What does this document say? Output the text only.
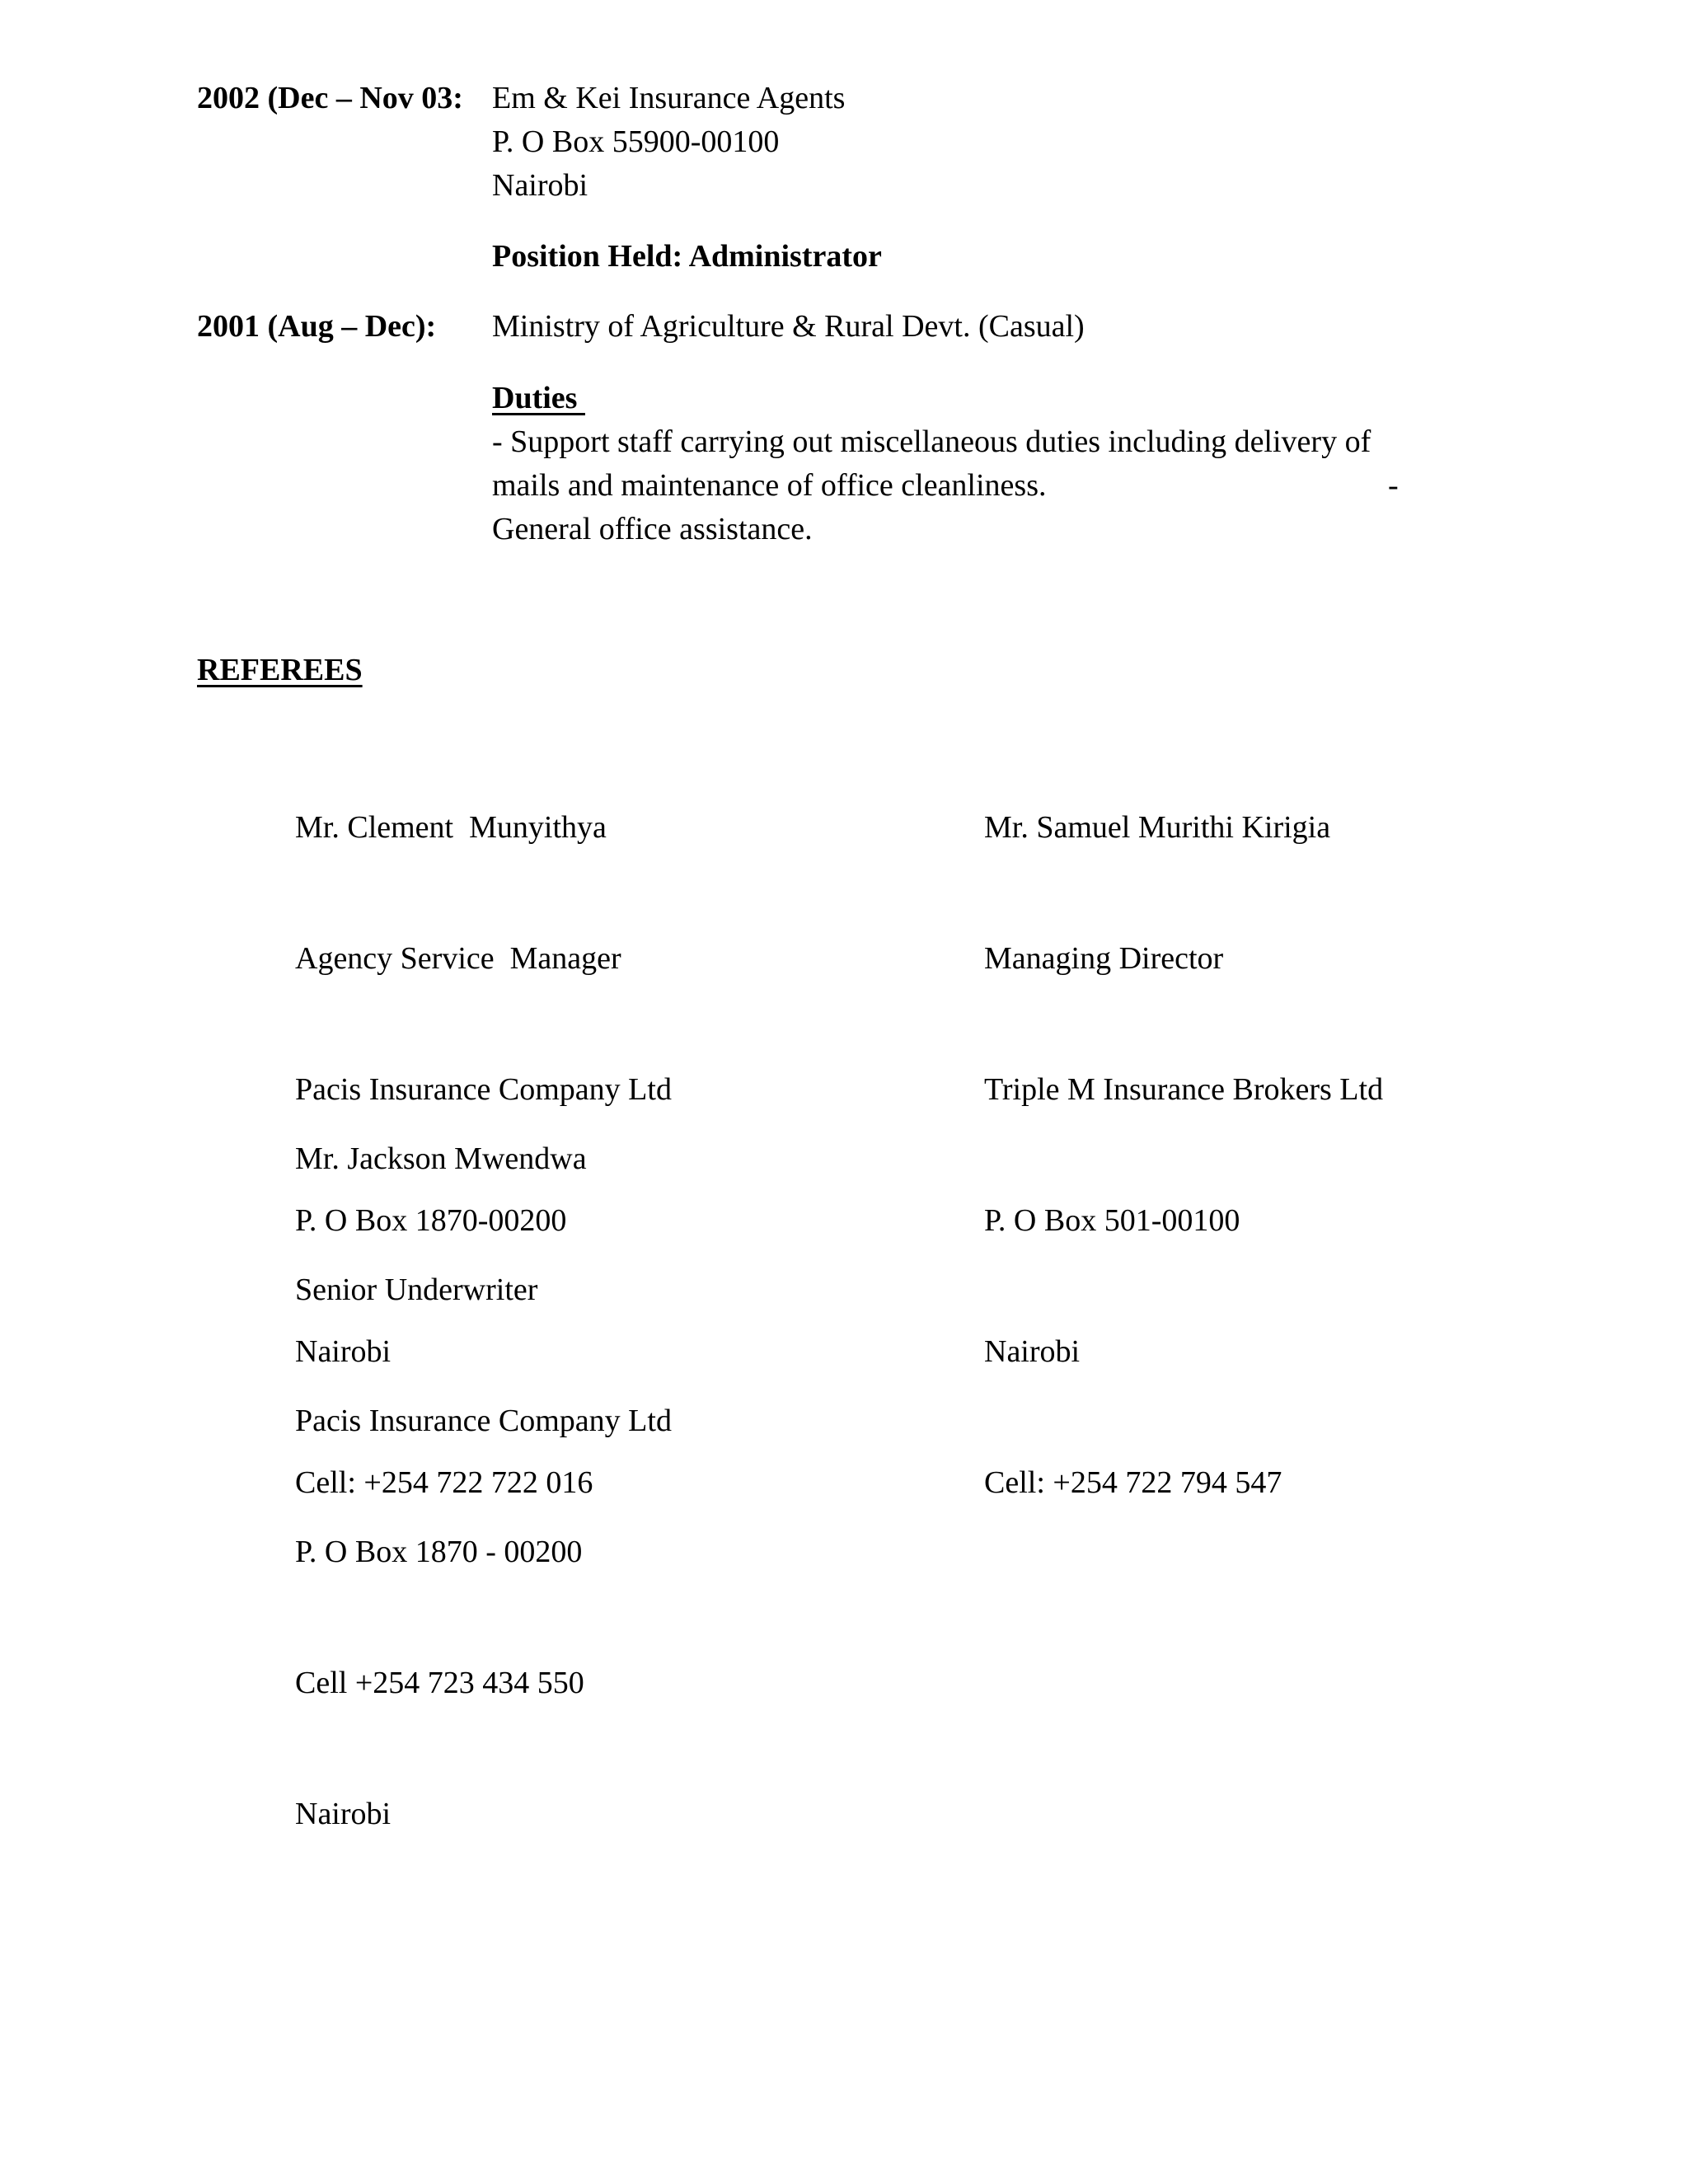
2002 (Dec – Nov 03: Em & Kei Insurance Agents
P. O Box 55900-00100
Nairobi
Position Held: Administrator
2001 (Aug – Dec): Ministry of Agriculture & Rural Devt. (Casual)
Duties
- Support staff carrying out miscellaneous duties including delivery of
mails and maintenance of office cleanliness.
General office assistance.
-
REFEREES

Mr. Clement  Munyithya

Agency Service  Manager

Pacis Insurance Company Ltd

P. O Box 1870-00200

Nairobi

Cell: +254 722 722 016

Mr. Samuel Murithi Kirigia

Managing Director

Triple M Insurance Brokers Ltd

P. O Box 501-00100

Nairobi

Cell: +254 722 794 547

Mr. Jackson Mwendwa

Senior Underwriter

Pacis Insurance Company Ltd

P. O Box 1870 - 00200

Cell +254 723 434 550

Nairobi
